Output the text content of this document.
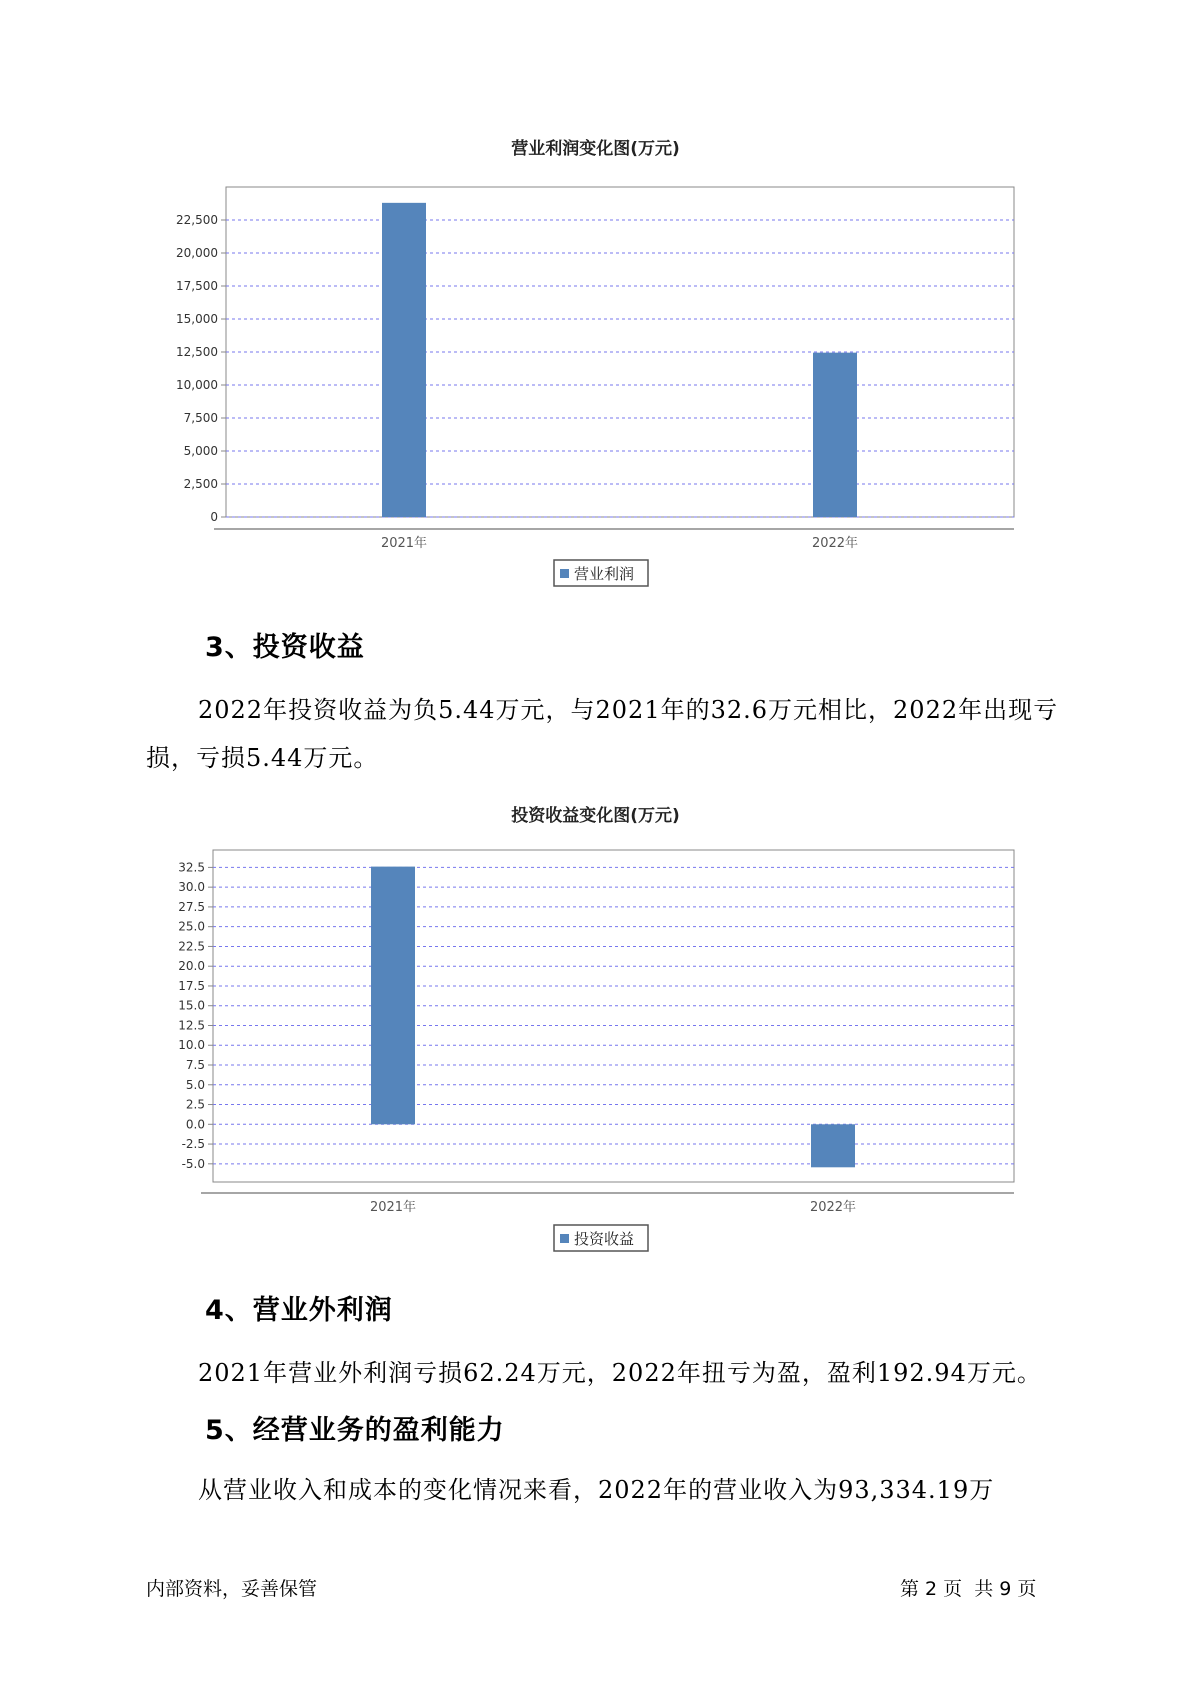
营业利润变化图(万元)
0
2,500
5,000
7,500
10,000
12,500
15,000
17,500
20,000
22,500
2021年	2022年
营业利润
3、投资收益
2022年投资收益为负5.44万元，与2021年的32.6万元相比，2022年出现亏损，亏损5.44万元。
投资收益变化图(万元)
-5.0
-2.5
0.0
2.5
5.0
7.5
10.0
12.5
15.0
17.5
20.0
22.5
25.0
27.5
30.0
32.5
2021年	2022年
投资收益
4、营业外利润
2021年营业外利润亏损62.24万元，2022年扭亏为盈，盈利192.94万元。
5、经营业务的盈利能力
从营业收入和成本的变化情况来看，2022年的营业收入为93,334.19万
内部资料，妥善保管	第 2 页  共 9 页
